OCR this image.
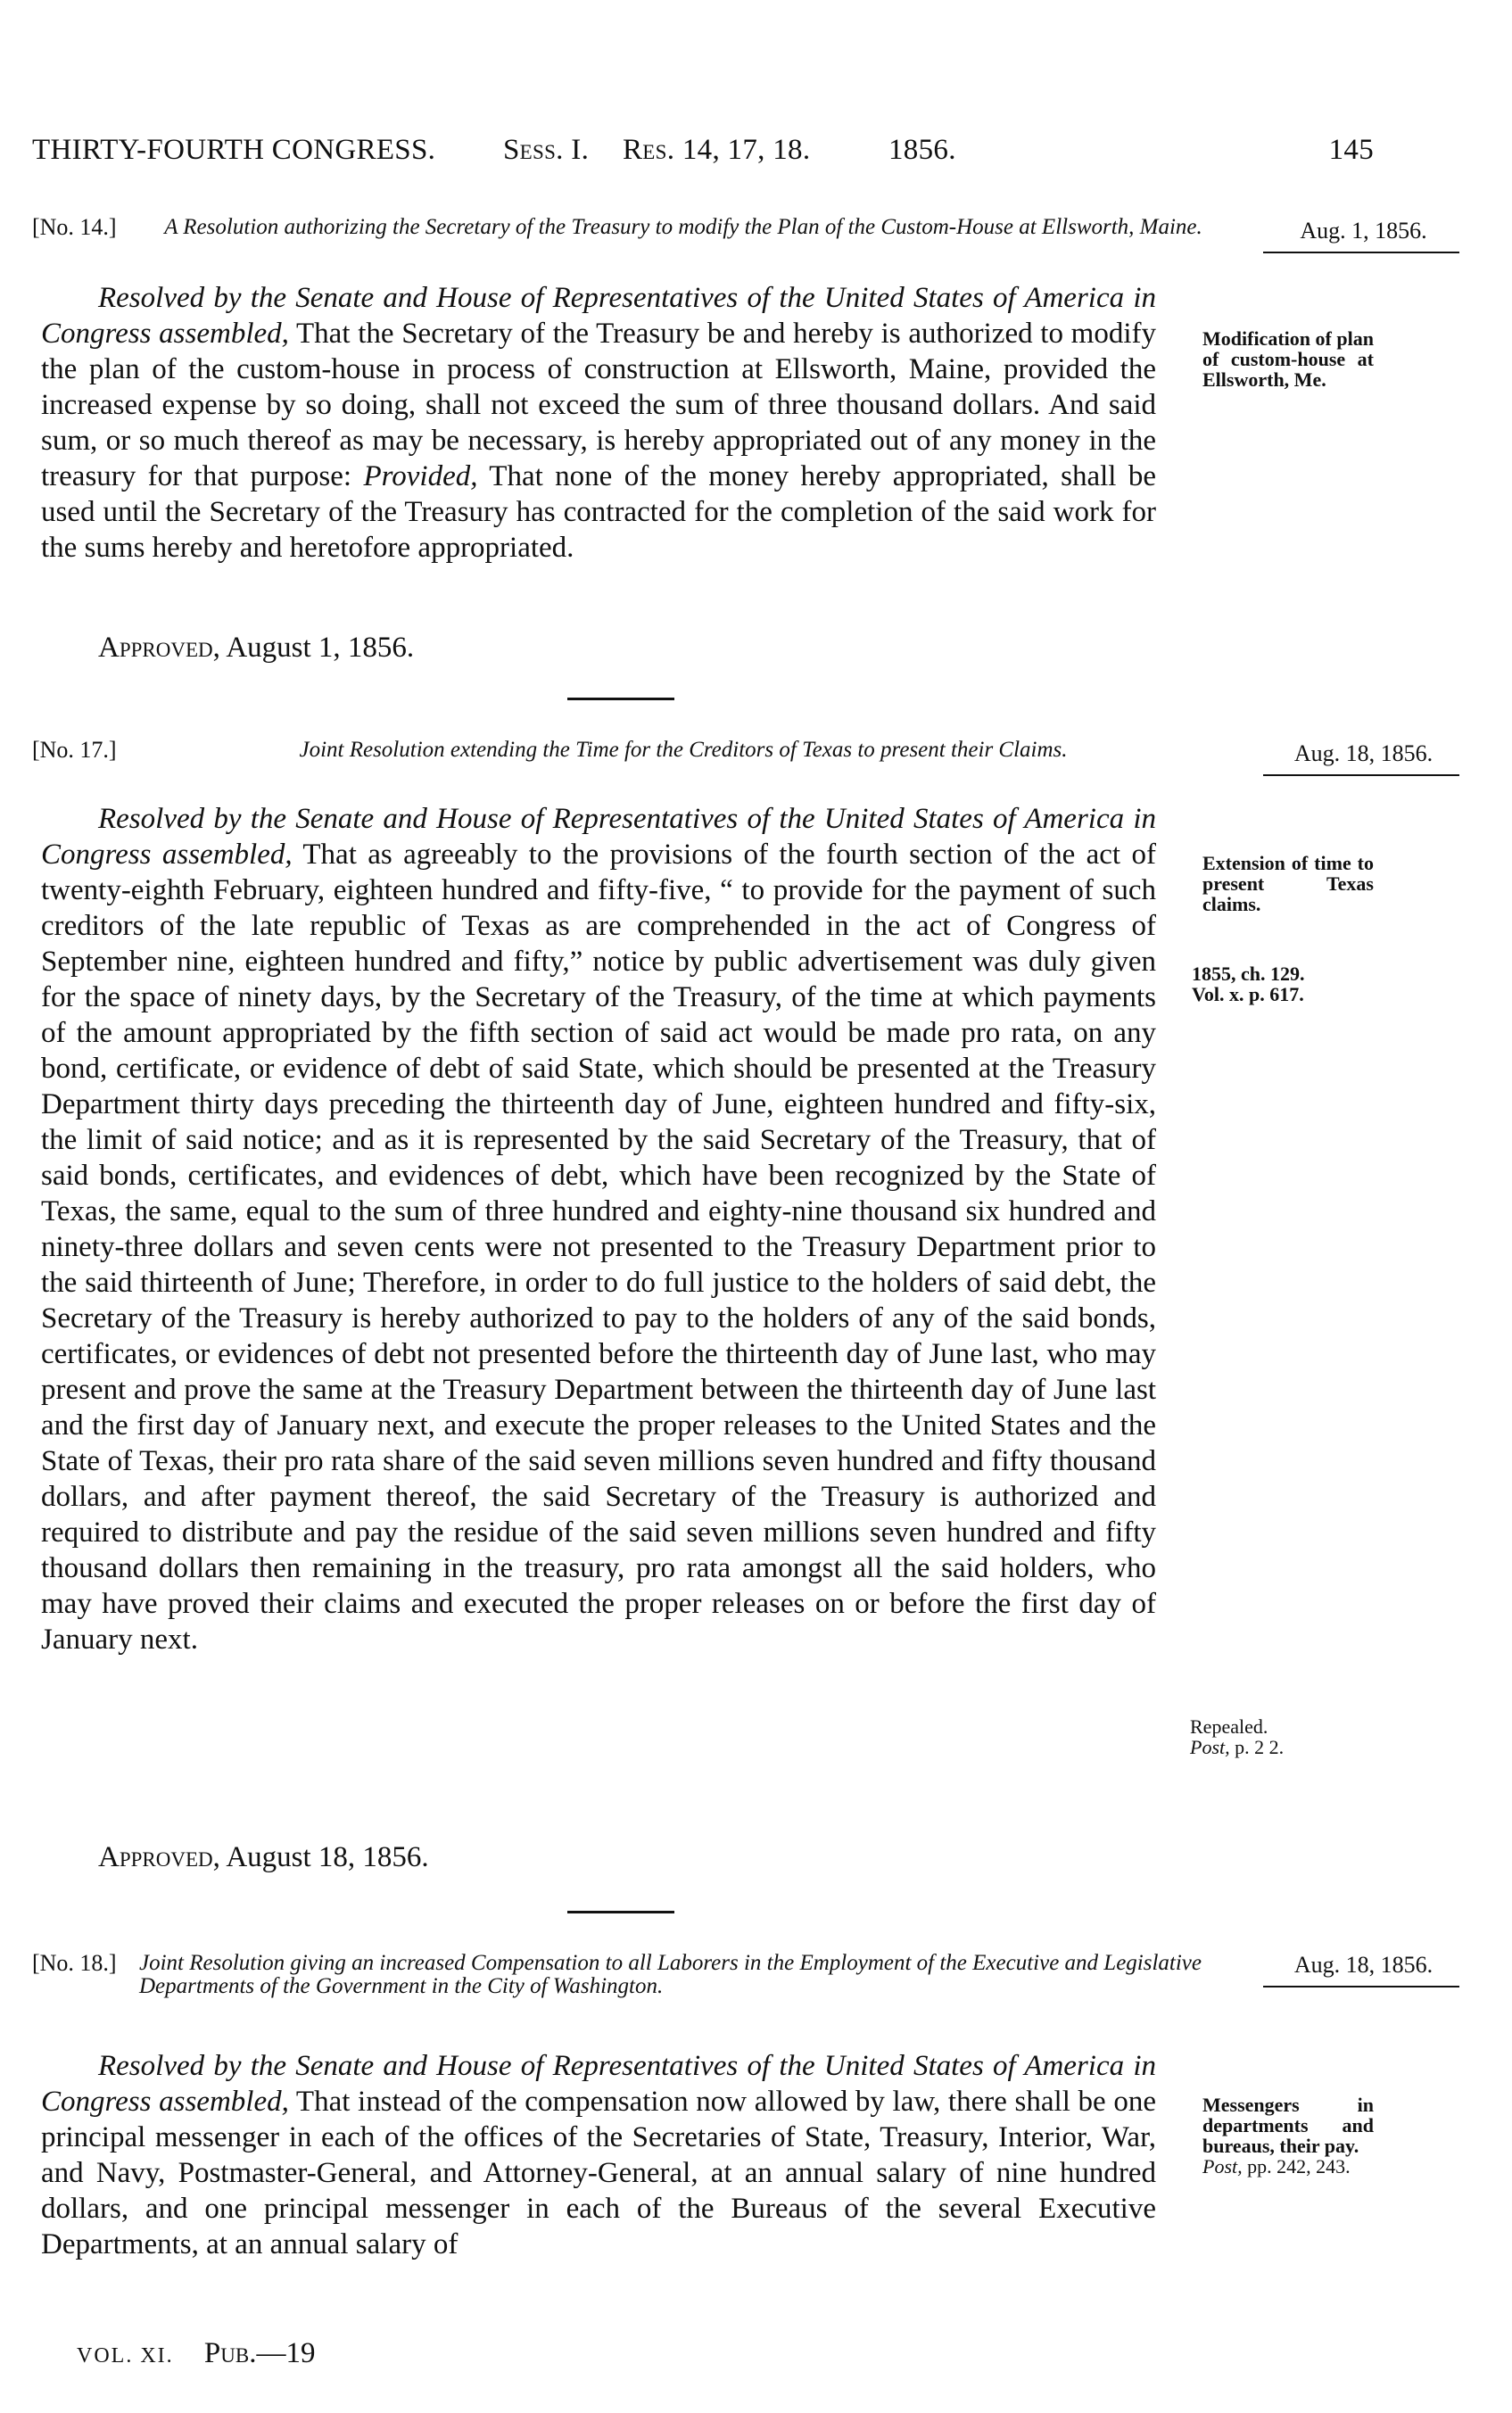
THIRTY-FOURTH CONGRESS. Sess. I. Res. 14, 17, 18.	1856.	145
[No. 14.]	A Resolution authorizing the Secretary of the Treasury to modify the Plan of the Custom-House at Ellsworth, Maine.	Aug. 1, 1856.

Resolved by the Senate and House of Representatives of the United States of America in Congress assembled, That the Secretary of the Treasury be and hereby is authorized to modify the plan of the custom-house in process of construction at Ellsworth, Maine, provided the increased expense by so doing, shall not exceed the sum of three thousand dollars. And said sum, or so much thereof as may be necessary, is hereby appropriated out of any money in the treasury for that purpose: Provided, That none of the money hereby appropriated, shall be used until the Secretary of the Treasury has contracted for the completion of the said work for the sums hereby and heretofore appropriated.

Approved, August 1, 1856.
Modification of plan of custom-house at Ellsworth, Me.
[No. 17.]	Joint Resolution extending the Time for the Creditors of Texas to present their Claims.	Aug. 18, 1856.

Resolved by the Senate and House of Representatives of the United States of America in Congress assembled, That as agreeably to the provisions of the fourth section of the act of twenty-eighth February, eighteen hundred and fifty-five, “ to provide for the payment of such creditors of the late republic of Texas as are comprehended in the act of Congress of September nine, eighteen hundred and fifty,” notice by public advertisement was duly given for the space of ninety days, by the Secretary of the Treasury, of the time at which payments of the amount appropriated by the fifth section of said act would be made pro rata, on any bond, certificate, or evidence of debt of said State, which should be presented at the Treasury Department thirty days preceding the thirteenth day of June, eighteen hundred and fifty-six, the limit of said notice; and as it is represented by the said Secretary of the Treasury, that of said bonds, certificates, and evidences of debt, which have been recognized by the State of Texas, the same, equal to the sum of three hundred and eighty-nine thousand six hundred and ninety-three dollars and seven cents were not presented to the Treasury Department prior to the said thirteenth of June; Therefore, in order to do full justice to the holders of said debt, the Secretary of the Treasury is hereby authorized to pay to the holders of any of the said bonds, certificates, or evidences of debt not presented before the thirteenth day of June last, who may present and prove the same at the Treasury Department between the thirteenth day of June last and the first day of January next, and execute the proper releases to the United States and the State of Texas, their pro rata share of the said seven millions seven hundred and fifty thousand dollars, and after payment thereof, the said Secretary of the Treasury is authorized and required to distribute and pay the residue of the said seven millions seven hundred and fifty thousand dollars then remaining in the treasury, pro rata amongst all the said holders, who may have proved their claims and executed the proper releases on or before the first day of January next.

Approved, August 18, 1856.
Extension of time to present Texas claims.
1855, ch. 129.
Vol. x. p. 617.
Repealed.
Post, p. 2 2.
[No. 18.] Joint Resolution giving an increased Compensation to all Laborers in the Employment of the Executive and Legislative Departments of the Government in the City of Washington.
Aug. 18, 1856.

Resolved by the Senate and House of Representatives of the United States of America in Congress assembled, That instead of the compensation now allowed by law, there shall be one principal messenger in each of the offices of the Secretaries of State, Treasury, Interior, War, and Navy, Postmaster-General, and Attorney-General, at an annual salary of nine hundred dollars, and one principal messenger in each of the Bureaus of the several Executive Departments, at an annual salary of

Messengers in departments and bureaus, their pay.
Post, pp. 242, 243.
VOL. XI. Pub.—19
